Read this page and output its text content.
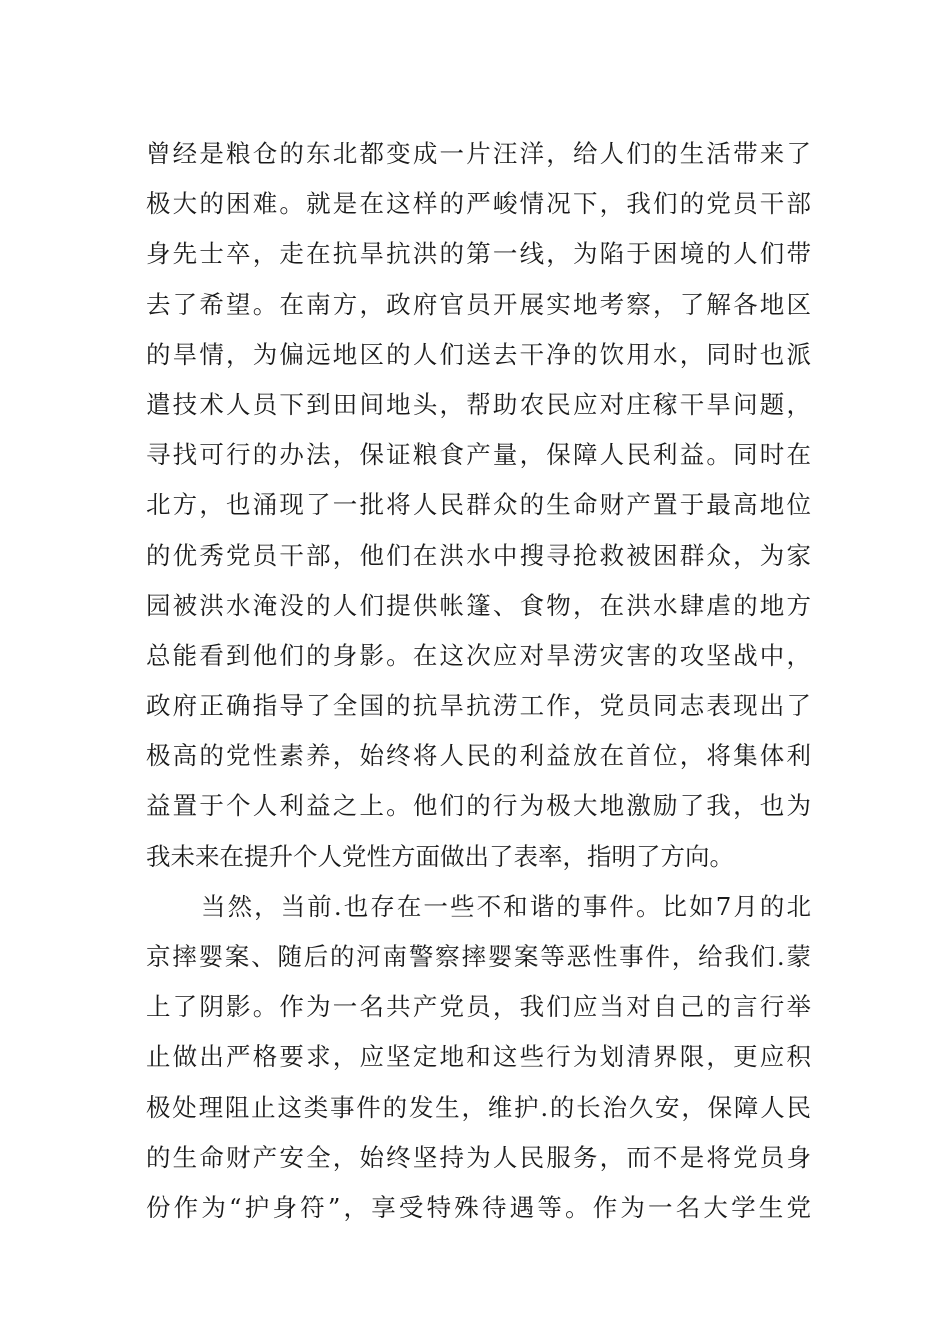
曾经是粮仓的东北都变成一片汪洋，给人们的生活带来了
极大的困难。就是在这样的严峻情况下，我们的党员干部
身先士卒，走在抗旱抗洪的第一线，为陷于困境的人们带
去了希望。在南方，政府官员开展实地考察，了解各地区
的旱情，为偏远地区的人们送去干净的饮用水，同时也派
遣技术人员下到田间地头，帮助农民应对庄稼干旱问题，
寻找可行的办法，保证粮食产量，保障人民利益。同时在
北方，也涌现了一批将人民群众的生命财产置于最高地位
的优秀党员干部，他们在洪水中搜寻抢救被困群众，为家
园被洪水淹没的人们提供帐篷、食物，在洪水肆虐的地方
总能看到他们的身影。在这次应对旱涝灾害的攻坚战中，
政府正确指导了全国的抗旱抗涝工作，党员同志表现出了
极高的党性素养，始终将人民的利益放在首位，将集体利
益置于个人利益之上。他们的行为极大地激励了我，也为
我未来在提升个人党性方面做出了表率，指明了方向。
当然，当前.也存在一些不和谐的事件。比如7月的北
京摔婴案、随后的河南警察摔婴案等恶性事件，给我们.蒙
上了阴影。作为一名共产党员，我们应当对自己的言行举
止做出严格要求，应坚定地和这些行为划清界限，更应积
极处理阻止这类事件的发生，维护.的长治久安，保障人民
的生命财产安全，始终坚持为人民服务，而不是将党员身
份作为“护身符”，享受特殊待遇等。作为一名大学生党
